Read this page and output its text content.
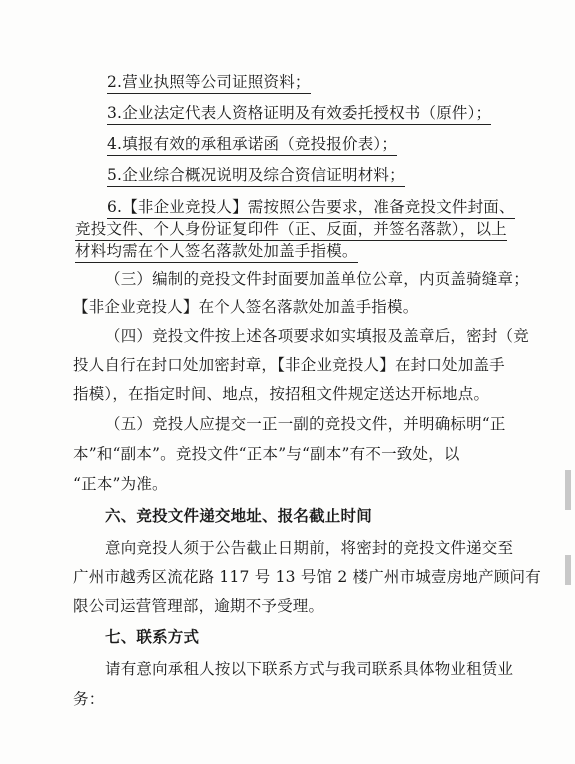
2.营业执照等公司证照资料；
3.企业法定代表人资格证明及有效委托授权书（原件）；
4.填报有效的承租承诺函（竞投报价表）；
5.企业综合概况说明及综合资信证明材料；
6.【非企业竞投人】需按照公告要求，准备竞投文件封面、
竞投文件、个人身份证复印件（正、反面，并签名落款），以上
材料均需在个人签名落款处加盖手指模。
（三）编制的竞投文件封面要加盖单位公章，内页盖骑缝章；
【非企业竞投人】在个人签名落款处加盖手指模。
（四）竞投文件按上述各项要求如实填报及盖章后，密封（竞
投人自行在封口处加密封章，【非企业竞投人】在封口处加盖手
指模），在指定时间、地点，按招租文件规定送达开标地点。
（五）竞投人应提交一正一副的竞投文件，并明确标明“正
本”和“副本”。竞投文件“正本”与“副本”有不一致处，以
“正本”为准。
六、竞投文件递交地址、报名截止时间
意向竞投人须于公告截止日期前，将密封的竞投文件递交至
广州市越秀区流花路 117 号 13 号馆 2 楼广州市城壹房地产顾问有
限公司运营管理部，逾期不予受理。
七、联系方式
请有意向承租人按以下联系方式与我司联系具体物业租赁业
务：
